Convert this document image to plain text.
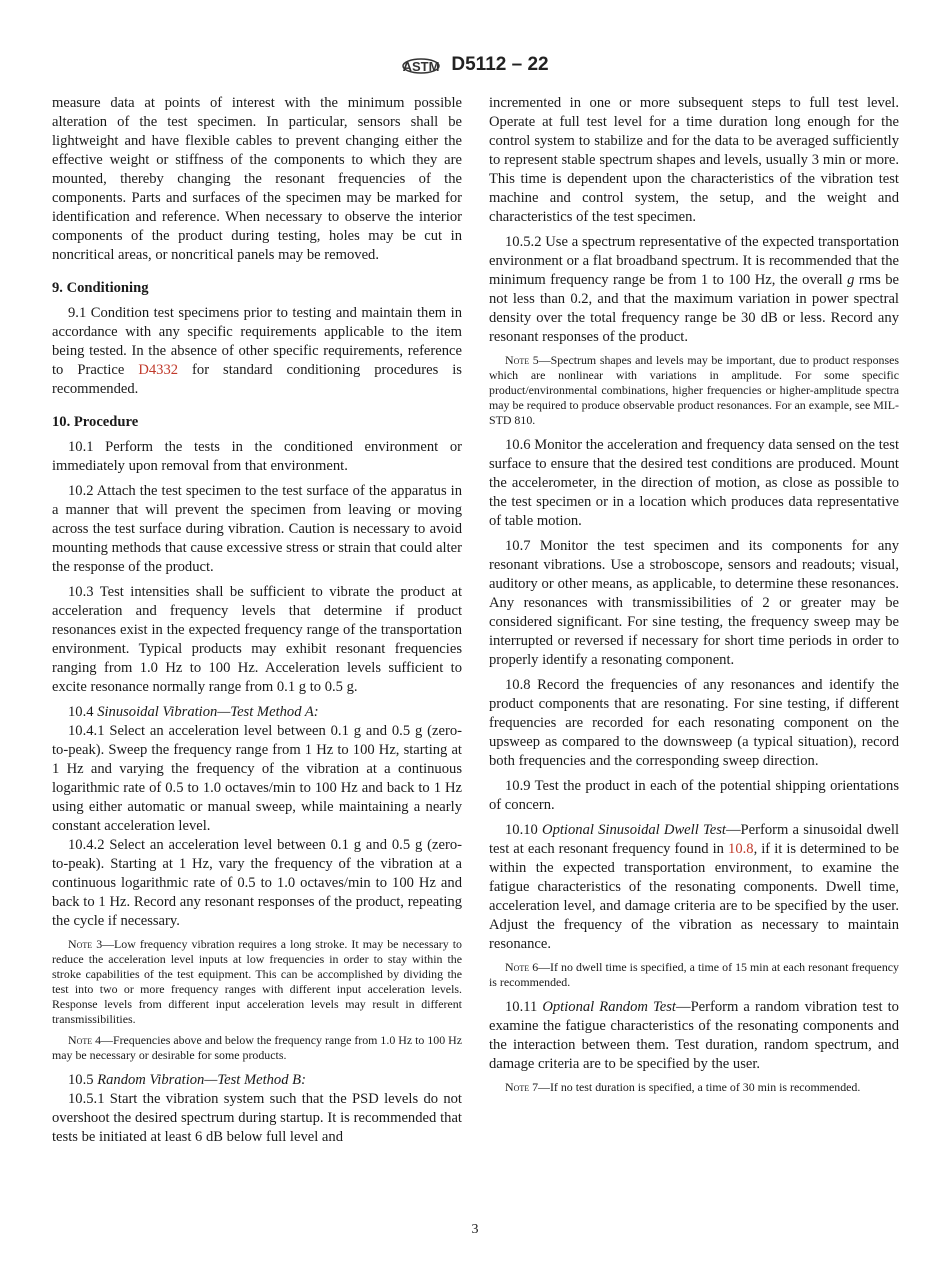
ASTM D5112 – 22
measure data at points of interest with the minimum possible alteration of the test specimen. In particular, sensors shall be lightweight and have flexible cables to prevent changing either the effective weight or stiffness of the components to which they are mounted, thereby changing the resonant frequencies of the components. Parts and surfaces of the specimen may be marked for identification and reference. When necessary to observe the interior components of the product during testing, holes may be cut in noncritical areas, or noncritical panels may be removed.
9. Conditioning
9.1 Condition test specimens prior to testing and maintain them in accordance with any specific requirements applicable to the item being tested. In the absence of other specific requirements, reference to Practice D4332 for standard conditioning procedures is recommended.
10. Procedure
10.1 Perform the tests in the conditioned environment or immediately upon removal from that environment.
10.2 Attach the test specimen to the test surface of the apparatus in a manner that will prevent the specimen from leaving or moving across the test surface during vibration. Caution is necessary to avoid mounting methods that cause excessive stress or strain that could alter the response of the product.
10.3 Test intensities shall be sufficient to vibrate the product at acceleration and frequency levels that determine if product resonances exist in the expected frequency range of the transportation environment. Typical products may exhibit resonant frequencies ranging from 1.0 Hz to 100 Hz. Acceleration levels sufficient to excite resonance normally range from 0.1 g to 0.5 g.
10.4 Sinusoidal Vibration—Test Method A:
10.4.1 Select an acceleration level between 0.1 g and 0.5 g (zero-to-peak). Sweep the frequency range from 1 Hz to 100 Hz, starting at 1 Hz and varying the frequency of the vibration at a continuous logarithmic rate of 0.5 to 1.0 octaves/min to 100 Hz and back to 1 Hz using either automatic or manual sweep, while maintaining a nearly constant acceleration level.
10.4.2 Select an acceleration level between 0.1 g and 0.5 g (zero-to-peak). Starting at 1 Hz, vary the frequency of the vibration at a continuous logarithmic rate of 0.5 to 1.0 octaves/min to 100 Hz and back to 1 Hz. Record any resonant responses of the product, repeating the cycle if necessary.
Note 3—Low frequency vibration requires a long stroke. It may be necessary to reduce the acceleration level inputs at low frequencies in order to stay within the stroke capabilities of the test equipment. This can be accomplished by dividing the test into two or more frequency ranges with different input acceleration levels. Response levels from different input acceleration levels may result in different transmissibilities.
Note 4—Frequencies above and below the frequency range from 1.0 Hz to 100 Hz may be necessary or desirable for some products.
10.5 Random Vibration—Test Method B:
10.5.1 Start the vibration system such that the PSD levels do not overshoot the desired spectrum during startup. It is recommended that tests be initiated at least 6 dB below full level and
incremented in one or more subsequent steps to full test level. Operate at full test level for a time duration long enough for the control system to stabilize and for the data to be averaged sufficiently to represent stable spectrum shapes and levels, usually 3 min or more. This time is dependent upon the characteristics of the vibration test machine and control system, the setup, and the weight and characteristics of the test specimen.
10.5.2 Use a spectrum representative of the expected transportation environment or a flat broadband spectrum. It is recommended that the minimum frequency range be from 1 to 100 Hz, the overall g rms be not less than 0.2, and that the maximum variation in power spectral density over the total frequency range be 30 dB or less. Record any resonant responses of the product.
Note 5—Spectrum shapes and levels may be important, due to product responses which are nonlinear with variations in amplitude. For some specific product/environmental combinations, higher frequencies or higher-amplitude spectra may be required to produce observable product resonances. For an example, see MIL-STD 810.
10.6 Monitor the acceleration and frequency data sensed on the test surface to ensure that the desired test conditions are produced. Mount the accelerometer, in the direction of motion, as close as possible to the test specimen or in a location which produces data representative of table motion.
10.7 Monitor the test specimen and its components for any resonant vibrations. Use a stroboscope, sensors and readouts; visual, auditory or other means, as applicable, to determine these resonances. Any resonances with transmissibilities of 2 or greater may be considered significant. For sine testing, the frequency sweep may be interrupted or reversed if necessary for short time periods in order to properly identify a resonating component.
10.8 Record the frequencies of any resonances and identify the product components that are resonating. For sine testing, if different frequencies are recorded for each resonating component on the upsweep as compared to the downsweep (a typical situation), record both frequencies and the corresponding sweep direction.
10.9 Test the product in each of the potential shipping orientations of concern.
10.10 Optional Sinusoidal Dwell Test—Perform a sinusoidal dwell test at each resonant frequency found in 10.8, if it is determined to be within the expected transportation environment, to examine the fatigue characteristics of the resonating components. Dwell time, acceleration level, and damage criteria are to be specified by the user. Adjust the frequency of the vibration as necessary to maintain resonance.
Note 6—If no dwell time is specified, a time of 15 min at each resonant frequency is recommended.
10.11 Optional Random Test—Perform a random vibration test to examine the fatigue characteristics of the resonating components and the interaction between them. Test duration, random spectrum, and damage criteria are to be specified by the user.
Note 7—If no test duration is specified, a time of 30 min is recommended.
3
